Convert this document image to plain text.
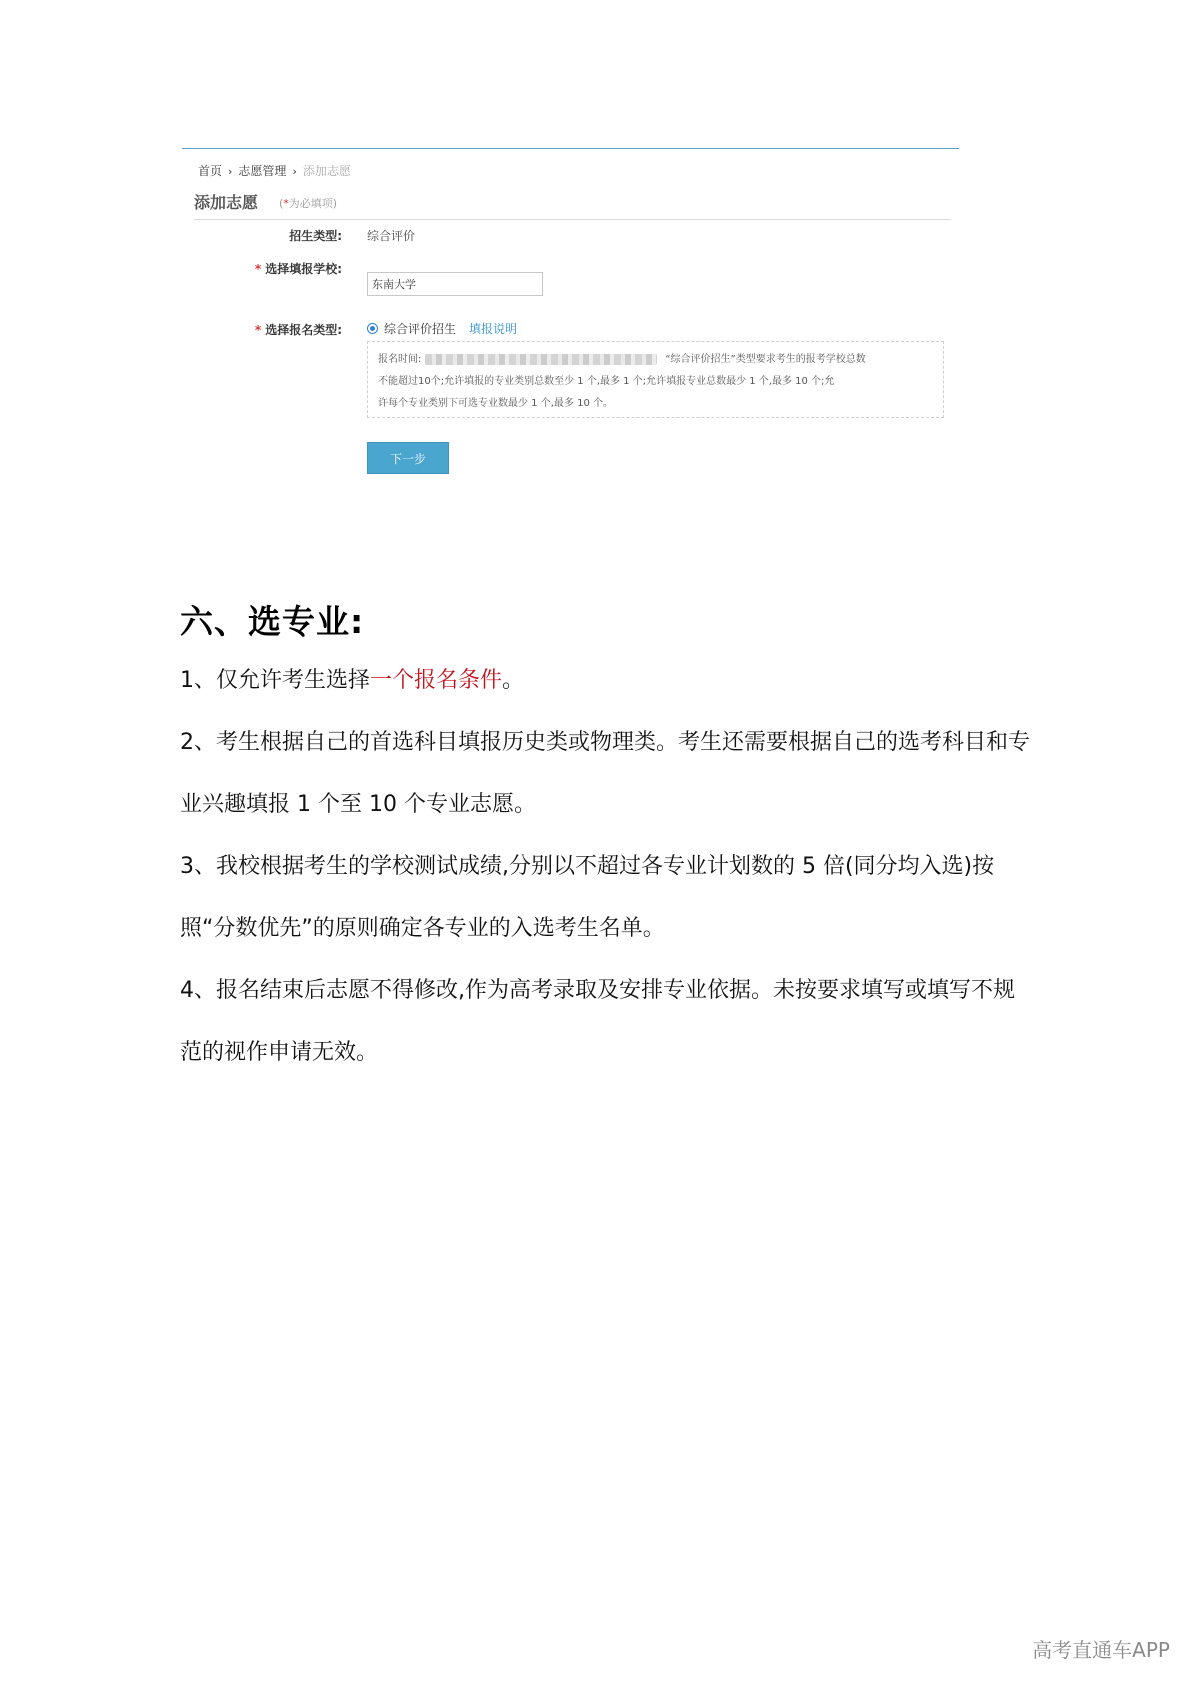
首页 › 志愿管理 › 添加志愿
添加志愿 (*为必填项)
招生类型: 综合评价
* 选择填报学校:
东南大学
* 选择报名类型:	综合评价招生 填报说明

报名时间:	“综合评价招生”类型要求考生的报考学校总数

不能超过10个;允许填报的专业类别总数至少 1 个,最多 1 个;允许填报专业总数最少 1 个,最多 10 个;允

许每个专业类别下可选专业数最少 1 个,最多 10 个。

下一步
六、选专业:

1、仅允许考生选择一个报名条件。

2、考生根据自己的首选科目填报历史类或物理类。考生还需要根据自己的选考科目和专业兴趣填报 1 个至 10 个专业志愿。

3、我校根据考生的学校测试成绩,分别以不超过各专业计划数的 5 倍(同分均入选)按照“分数优先”的原则确定各专业的入选考生名单。

4、报名结束后志愿不得修改,作为高考录取及安排专业依据。未按要求填写或填写不规范的视作申请无效。

高考直通车APP
